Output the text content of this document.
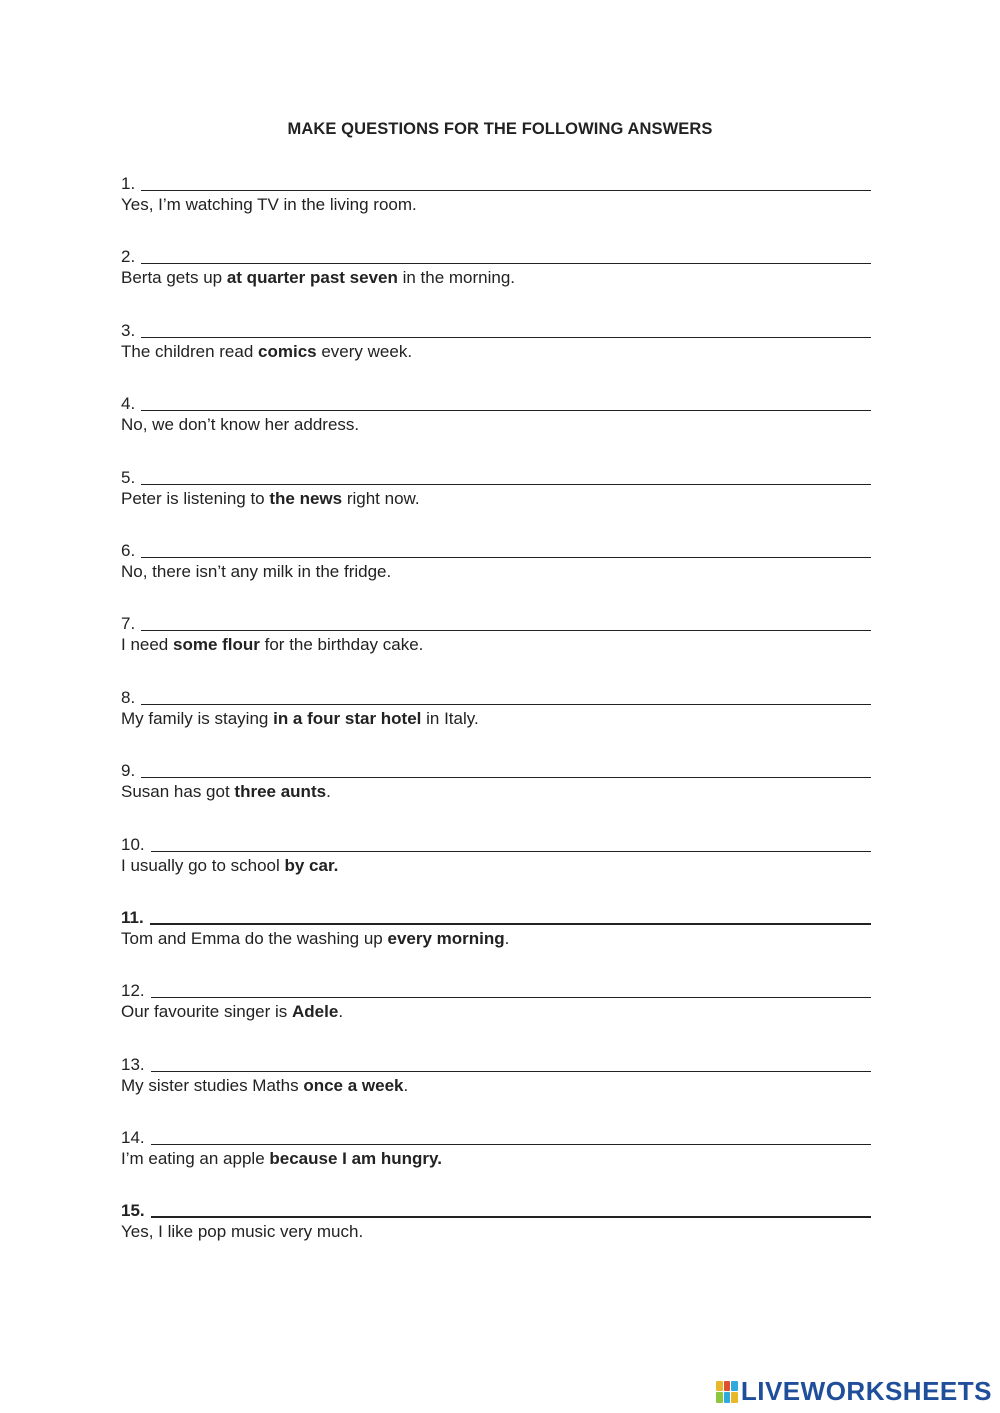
MAKE QUESTIONS FOR THE FOLLOWING ANSWERS
1.
Yes, I’m watching TV in the living room.
2.
Berta gets up at quarter past seven in the morning.
3.
The children read comics every week.
4.
No, we don’t know her address.
5.
Peter is listening to the news right now.
6.
No, there isn’t any milk in the fridge.
7.
I need some flour for the birthday cake.
8.
My family is staying in a four star hotel in Italy.
9.
Susan has got three aunts.
10.
I usually go to school by car.
11.
Tom and Emma do the washing up every morning.
12.
Our favourite singer is Adele.
13.
My sister studies Maths once a week.
14.
I’m eating an apple because I am hungry.
15.
Yes, I like pop music very much.
LIVEWORKSHEETS
